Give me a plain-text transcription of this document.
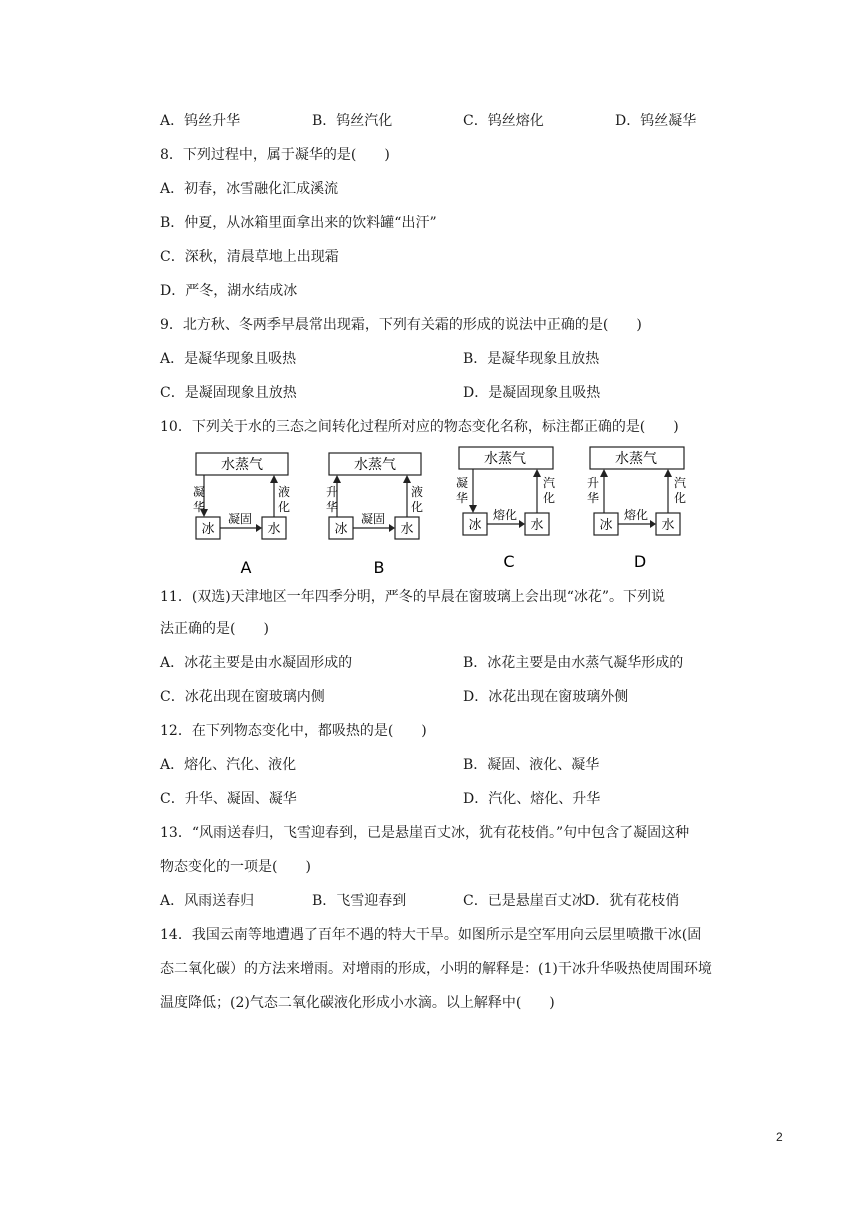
A．钨丝升华	B．钨丝汽化	C．钨丝熔化	D．钨丝凝华
8．下列过程中，属于凝华的是(　　)
A．初春，冰雪融化汇成溪流
B．仲夏，从冰箱里面拿出来的饮料罐“出汗”
C．深秋，清晨草地上出现霜
D．严冬，湖水结成冰
9．北方秋、冬两季早晨常出现霜，下列有关霜的形成的说法中正确的是(　　)
A．是凝华现象且吸热	B．是凝华现象且放热
C．是凝固现象且放热	D．是凝固现象且吸热
10．下列关于水的三态之间转化过程所对应的物态变化名称，标注都正确的是(　　)
水蒸气
凝
华
液
化
冰	水
凝固
A
水蒸气
升
华
液
化
冰	水
凝固
B
水蒸气
凝
华
汽
化
冰	水
熔化
C
水蒸气
升
华
汽
化
冰	水
熔化
D
11．(双选)天津地区一年四季分明，严冬的早晨在窗玻璃上会出现“冰花”。下列说
法正确的是(　　)
A．冰花主要是由水凝固形成的	B．冰花主要是由水蒸气凝华形成的
C．冰花出现在窗玻璃内侧	D．冰花出现在窗玻璃外侧
12．在下列物态变化中，都吸热的是(　　)
A．熔化、汽化、液化	B．凝固、液化、凝华
C．升华、凝固、凝华	D．汽化、熔化、升华
13．“风雨送春归，飞雪迎春到，已是悬崖百丈冰，犹有花枝俏。”句中包含了凝固这种
物态变化的一项是(　　)
A．风雨送春归	B．飞雪迎春到	C．已是悬崖百丈冰
D．犹有花枝俏
14．我国云南等地遭遇了百年不遇的特大干旱。如图所示是空军用向云层里喷撒干冰(固
态二氧化碳）的方法来增雨。对增雨的形成，小明的解释是：(1)干冰升华吸热使周围环境
温度降低；(2)气态二氧化碳液化形成小水滴。以上解释中(　　)
2
